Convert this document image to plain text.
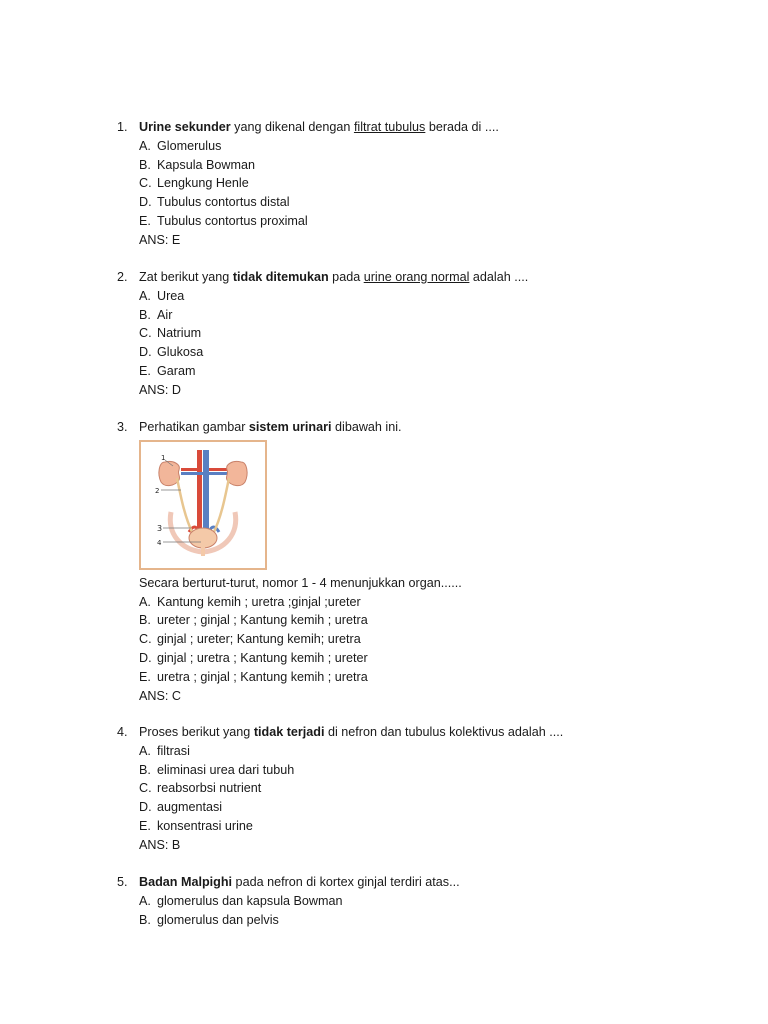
1. Urine sekunder yang dikenal dengan filtrat tubulus berada di ....
A. Glomerulus
B. Kapsula Bowman
C. Lengkung Henle
D. Tubulus contortus distal
E. Tubulus contortus proximal
ANS: E
2. Zat berikut yang tidak ditemukan pada urine orang normal adalah ....
A. Urea
B. Air
C. Natrium
D. Glukosa
E. Garam
ANS: D
3. Perhatikan gambar sistem urinari dibawah ini.
1
2
3
4
Secara berturut-turut, nomor 1 - 4 menunjukkan organ......
A. Kantung kemih ; uretra ;ginjal ;ureter
B. ureter ; ginjal ; Kantung kemih ; uretra
C. ginjal ; ureter; Kantung kemih; uretra
D. ginjal ; uretra ; Kantung kemih ; ureter
E. uretra ; ginjal ; Kantung kemih ; uretra
ANS: C
4. Proses berikut yang tidak terjadi di nefron dan tubulus kolektivus adalah ....
A. filtrasi
B. eliminasi urea dari tubuh
C. reabsorbsi nutrient
D. augmentasi
E. konsentrasi urine
ANS: B
5. Badan Malpighi pada nefron di kortex ginjal terdiri atas...
A. glomerulus dan kapsula Bowman
B. glomerulus dan pelvis
